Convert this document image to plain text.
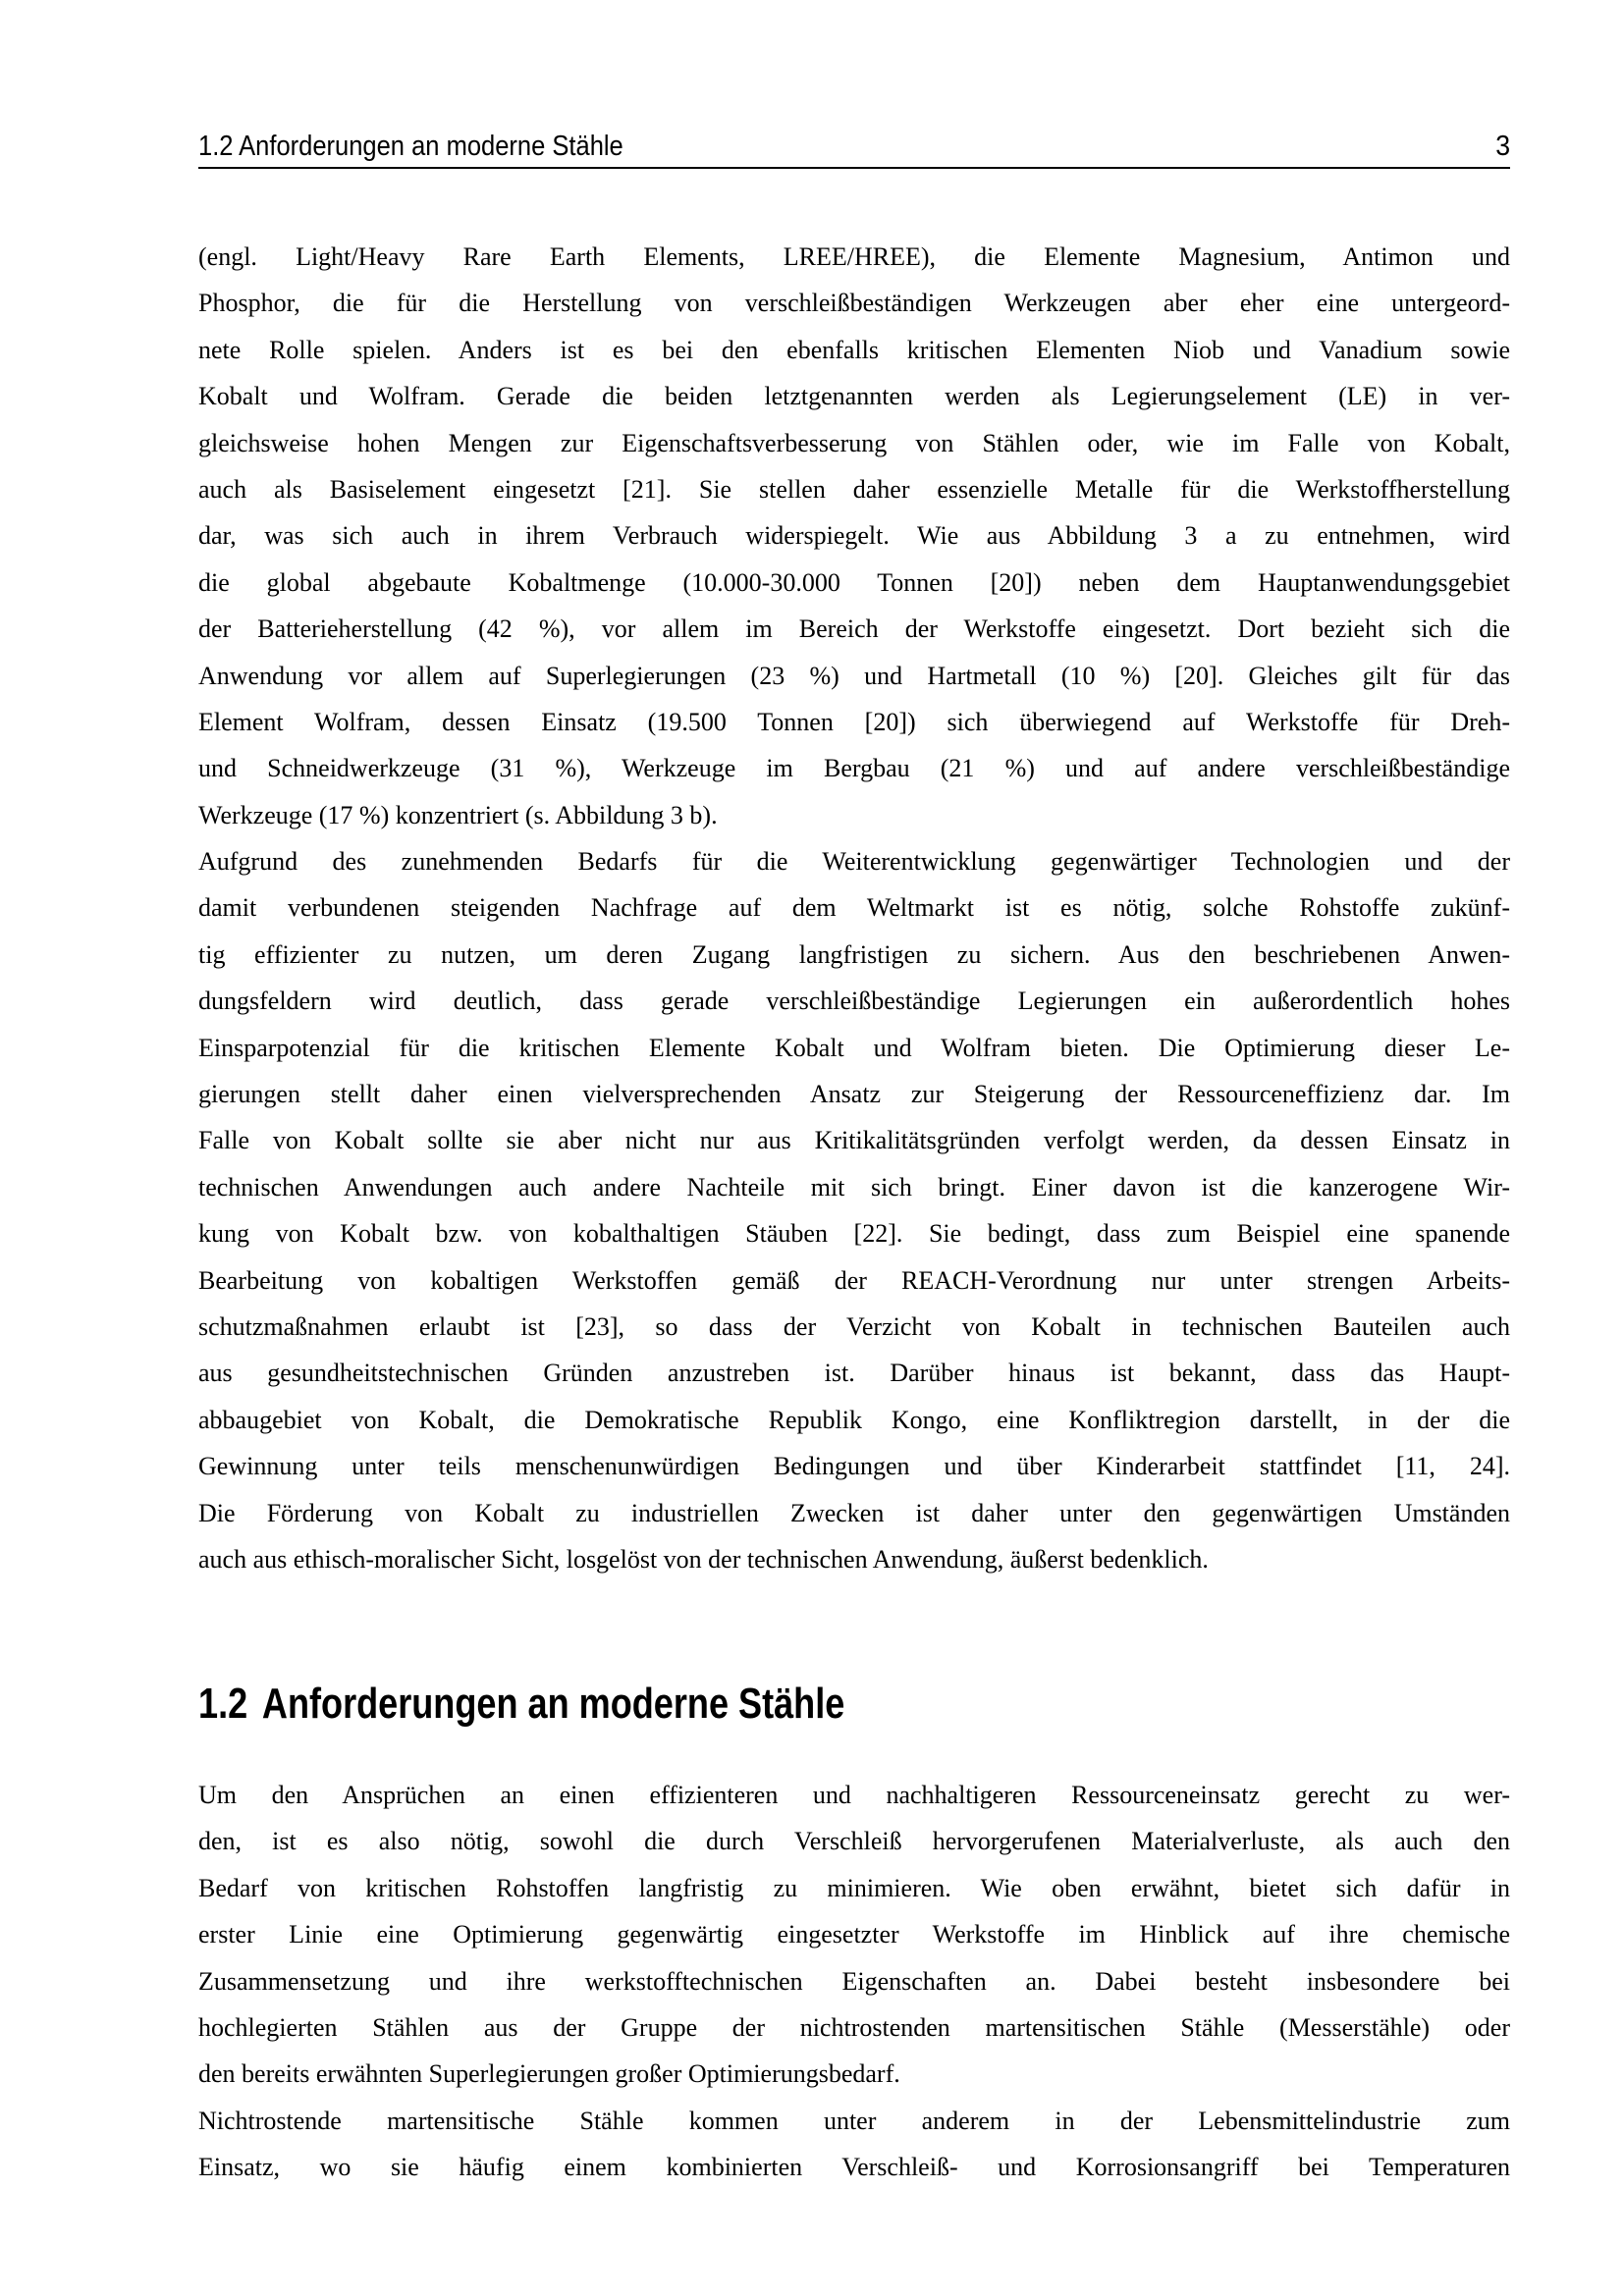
1.2 Anforderungen an moderne Stähle	3
(engl. Light/Heavy Rare Earth Elements, LREE/HREE), die Elemente Magnesium, Antimon und
Phosphor, die für die Herstellung von verschleißbeständigen Werkzeugen aber eher eine untergeord-
nete Rolle spielen. Anders ist es bei den ebenfalls kritischen Elementen Niob und Vanadium sowie
Kobalt und Wolfram. Gerade die beiden letztgenannten werden als Legierungselement (LE) in ver-
gleichsweise hohen Mengen zur Eigenschaftsverbesserung von Stählen oder, wie im Falle von Kobalt,
auch als Basiselement eingesetzt [21]. Sie stellen daher essenzielle Metalle für die Werkstoffherstellung
dar, was sich auch in ihrem Verbrauch widerspiegelt. Wie aus Abbildung 3 a zu entnehmen, wird
die global abgebaute Kobaltmenge (10.000-30.000 Tonnen [20]) neben dem Hauptanwendungsgebiet
der Batterieherstellung (42 %), vor allem im Bereich der Werkstoffe eingesetzt. Dort bezieht sich die
Anwendung vor allem auf Superlegierungen (23 %) und Hartmetall (10 %) [20]. Gleiches gilt für das
Element Wolfram, dessen Einsatz (19.500 Tonnen [20]) sich überwiegend auf Werkstoffe für Dreh-
und Schneidwerkzeuge (31 %), Werkzeuge im Bergbau (21 %) und auf andere verschleißbeständige
Werkzeuge (17 %) konzentriert (s. Abbildung 3 b).
Aufgrund des zunehmenden Bedarfs für die Weiterentwicklung gegenwärtiger Technologien und der
damit verbundenen steigenden Nachfrage auf dem Weltmarkt ist es nötig, solche Rohstoffe zukünf-
tig effizienter zu nutzen, um deren Zugang langfristigen zu sichern. Aus den beschriebenen Anwen-
dungsfeldern wird deutlich, dass gerade verschleißbeständige Legierungen ein außerordentlich hohes
Einsparpotenzial für die kritischen Elemente Kobalt und Wolfram bieten. Die Optimierung dieser Le-
gierungen stellt daher einen vielversprechenden Ansatz zur Steigerung der Ressourceneffizienz dar. Im
Falle von Kobalt sollte sie aber nicht nur aus Kritikalitätsgründen verfolgt werden, da dessen Einsatz in
technischen Anwendungen auch andere Nachteile mit sich bringt. Einer davon ist die kanzerogene Wir-
kung von Kobalt bzw. von kobalthaltigen Stäuben [22]. Sie bedingt, dass zum Beispiel eine spanende
Bearbeitung von kobaltigen Werkstoffen gemäß der REACH-Verordnung nur unter strengen Arbeits-
schutzmaßnahmen erlaubt ist [23], so dass der Verzicht von Kobalt in technischen Bauteilen auch
aus gesundheitstechnischen Gründen anzustreben ist. Darüber hinaus ist bekannt, dass das Haupt-
abbaugebiet von Kobalt, die Demokratische Republik Kongo, eine Konfliktregion darstellt, in der die
Gewinnung unter teils menschenunwürdigen Bedingungen und über Kinderarbeit stattfindet [11, 24].
Die Förderung von Kobalt zu industriellen Zwecken ist daher unter den gegenwärtigen Umständen
auch aus ethisch-moralischer Sicht, losgelöst von der technischen Anwendung, äußerst bedenklich.
1.2 Anforderungen an moderne Stähle
Um den Ansprüchen an einen effizienteren und nachhaltigeren Ressourceneinsatz gerecht zu wer-
den, ist es also nötig, sowohl die durch Verschleiß hervorgerufenen Materialverluste, als auch den
Bedarf von kritischen Rohstoffen langfristig zu minimieren. Wie oben erwähnt, bietet sich dafür in
erster Linie eine Optimierung gegenwärtig eingesetzter Werkstoffe im Hinblick auf ihre chemische
Zusammensetzung und ihre werkstofftechnischen Eigenschaften an. Dabei besteht insbesondere bei
hochlegierten Stählen aus der Gruppe der nichtrostenden martensitischen Stähle (Messerstähle) oder
den bereits erwähnten Superlegierungen großer Optimierungsbedarf.
Nichtrostende martensitische Stähle kommen unter anderem in der Lebensmittelindustrie zum
Einsatz, wo sie häufig einem kombinierten Verschleiß- und Korrosionsangriff bei Temperaturen
